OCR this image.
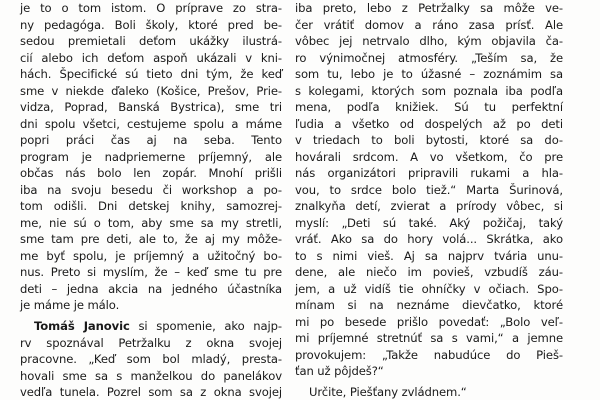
je to o tom istom. O príprave zo stra-
ny pedagóga. Boli školy, ktoré pred be-
sedou premietali deťom ukážky ilustrá-
cií alebo ich deťom aspoň ukázali v kni-
hách. Špecifické sú tieto dni tým, že keď
sme v niekde ďaleko (Košice, Prešov, Prie-
vidza, Poprad, Banská Bystrica), sme tri
dni spolu všetci, cestujeme spolu a máme
popri práci čas aj na seba. Tento
program je nadpriemerne príjemný, ale
občas nás bolo len zopár. Mnohí prišli
iba na svoju besedu či workshop a po-
tom odišli. Dni detskej knihy, samozrej-
me, nie sú o tom, aby sme sa my stretli,
sme tam pre deti, ale to, že aj my môže-
me byť spolu, je príjemný a užitočný bo-
nus. Preto si myslím, že – keď sme tu pre
deti – jedna akcia na jedného účastníka
je máme je málo.
Tomáš Janovic si spomenie, ako najp-
rv spoznával Petržalku z okna svojej
pracovne. „Keď som bol mladý, presta-
hovali sme sa s manželkou do panelákov
vedľa tunela. Pozrel som sa z okna svojej
iba preto, lebo z Petržalky sa môže ve-
čer vrátiť domov a ráno zasa prísť. Ale
vôbec jej netrvalo dlho, kým objavila ča-
ro výnimočnej atmosféry. „Teším sa, že
som tu, lebo je to úžasné – zoznámim sa
s kolegami, ktorých som poznala iba podľa
mena, podľa knižiek. Sú tu perfektní
ľudia a všetko od dospelých až po deti
v triedach to boli bytosti, ktoré sa do-
hovárali srdcom. A vo všetkom, čo pre
nás organizátori pripravili rukami a hla-
vou, to srdce bolo tiež.“ Marta Šurinová,
znalkyňa detí, zvierat a prírody vôbec, si
myslí: „Deti sú také. Aký požičaj, taký
vráť. Ako sa do hory volá... Skrátka, ako
to s nimi vieš. Aj sa najprv tvária unu-
dene, ale niečo im povieš, vzbudíš záu-
jem, a už vidíš tie ohníčky v očiach. Spo-
mínam si na neznáme dievčatko, ktoré
mi po besede prišlo povedať: „Bolo veľ-
mi príjemné stretnúť sa s vami,“ a jemne
provokujem: „Takže nabudúce do Pieš-
ťan už pôjdeš?“
Určite, Piešťany zvládnem.“
